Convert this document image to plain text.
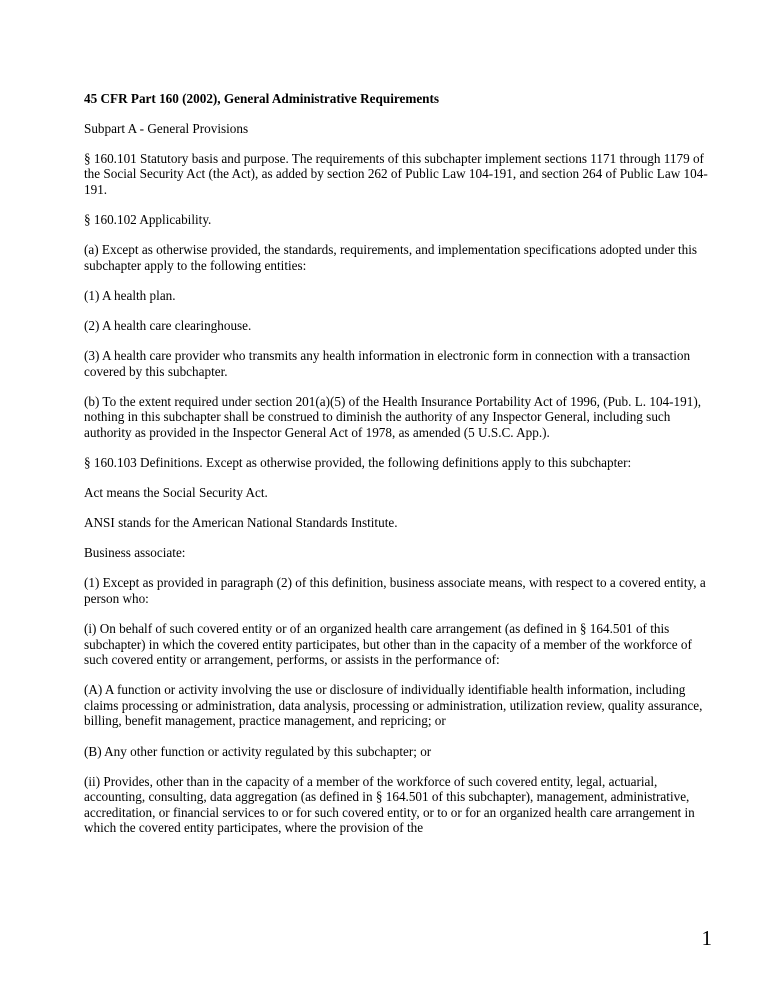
45 CFR Part 160 (2002), General Administrative Requirements

Subpart A - General Provisions

§ 160.101 Statutory basis and purpose. The requirements of this subchapter implement sections 1171 through 1179 of the Social Security Act (the Act), as added by section 262 of Public Law 104-191, and section 264 of Public Law 104-191.

§ 160.102 Applicability.

(a) Except as otherwise provided, the standards, requirements, and implementation specifications adopted under this subchapter apply to the following entities:

(1) A health plan.

(2) A health care clearinghouse.

(3) A health care provider who transmits any health information in electronic form in connection with a transaction covered by this subchapter.

(b) To the extent required under section 201(a)(5) of the Health Insurance Portability Act of 1996, (Pub. L. 104-191), nothing in this subchapter shall be construed to diminish the authority of any Inspector General, including such authority as provided in the Inspector General Act of 1978, as amended (5 U.S.C. App.).

§ 160.103 Definitions. Except as otherwise provided, the following definitions apply to this subchapter:

Act means the Social Security Act.

ANSI stands for the American National Standards Institute.

Business associate:

(1) Except as provided in paragraph (2) of this definition, business associate means, with respect to a covered entity, a person who:

(i) On behalf of such covered entity or of an organized health care arrangement (as defined in § 164.501 of this subchapter) in which the covered entity participates, but other than in the capacity of a member of the workforce of such covered entity or arrangement, performs, or assists in the performance of:

(A) A function or activity involving the use or disclosure of individually identifiable health information, including claims processing or administration, data analysis, processing or administration, utilization review, quality assurance, billing, benefit management, practice management, and repricing; or

(B) Any other function or activity regulated by this subchapter; or

(ii) Provides, other than in the capacity of a member of the workforce of such covered entity, legal, actuarial, accounting, consulting, data aggregation (as defined in § 164.501 of this subchapter), management, administrative, accreditation, or financial services to or for such covered entity, or to or for an organized health care arrangement in which the covered entity participates, where the provision of the

1
